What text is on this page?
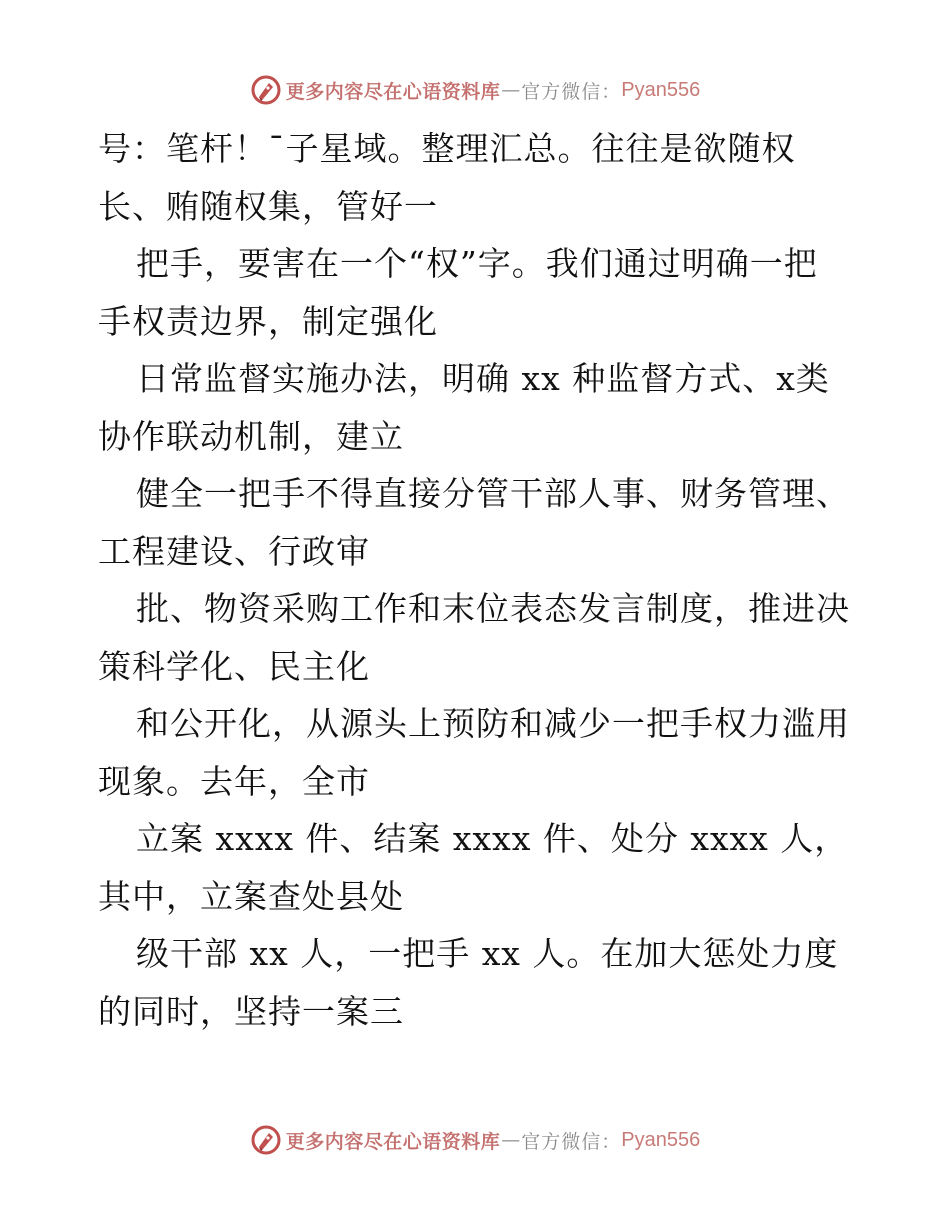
更多内容尽在心语资料库 — 官方微信： Pyan556
号：笔杆！¯子星域。整理汇总。往往是欲随权
长、贿随权集，管好一
把手，要害在一个“权”字。我们通过明确一把
手权责边界，制定强化
日常监督实施办法，明确 xx 种监督方式、x类
协作联动机制，建立
健全一把手不得直接分管干部人事、财务管理、
工程建设、行政审
批、物资采购工作和末位表态发言制度，推进决
策科学化、民主化
和公开化，从源头上预防和减少一把手权力滥用
现象。去年，全市
立案 xxxx 件、结案 xxxx 件、处分 xxxx 人，
其中，立案查处县处
级干部 xx 人，一把手 xx 人。在加大惩处力度
的同时，坚持一案三
更多内容尽在心语资料库 — 官方微信： Pyan556
